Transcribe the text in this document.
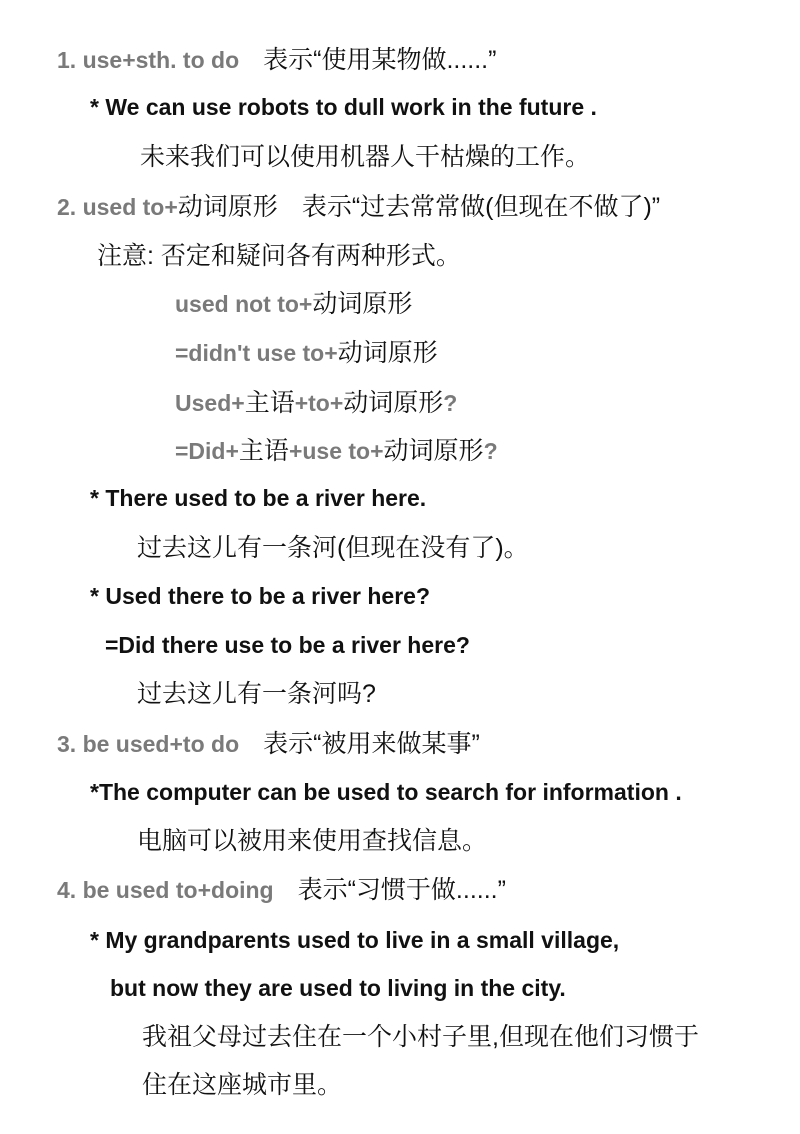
1. use+sth. to do 表示“使用某物做......”
* We can use robots to dull work in the future .
未来我们可以使用机器人干枯燥的工作。
2. used to+动词原形 表示“过去常常做(但现在不做了)”
注意: 否定和疑问各有两种形式。
used not to+动词原形
=didn't use to+动词原形
Used+主语+to+动词原形?
=Did+主语+use to+动词原形?
* There used to be a river here.
过去这儿有一条河(但现在没有了)。
* Used there to be a river here?
=Did there use to be a river here?
过去这儿有一条河吗?
3. be used+to do 表示“被用来做某事”
*The computer can be used to search for information .
电脑可以被用来使用查找信息。
4. be used to+doing 表示“习惯于做......”
* My grandparents used to live in a small village,
but now they are used to living in the city.
我祖父母过去住在一个小村子里,但现在他们习惯于
住在这座城市里。
